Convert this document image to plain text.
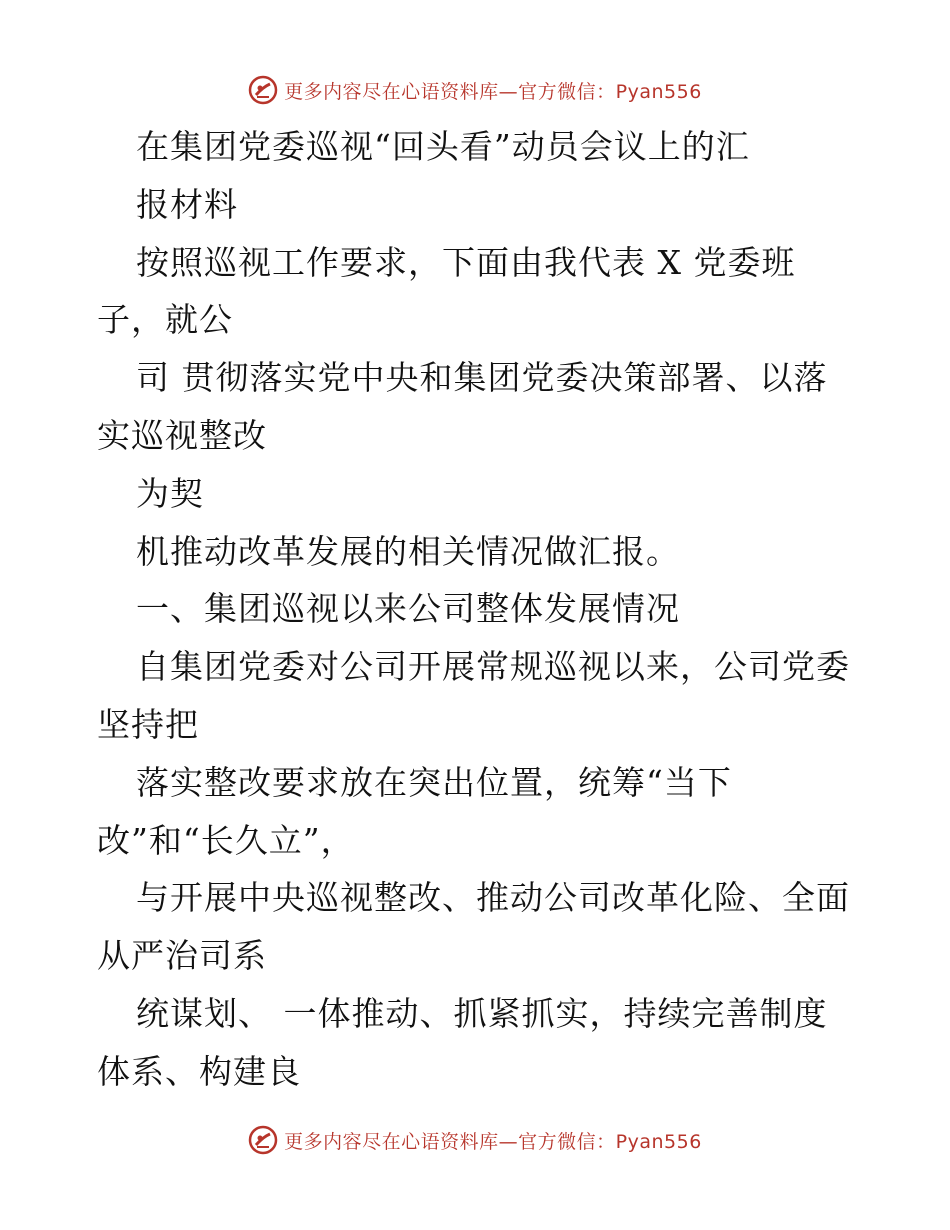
更多内容尽在心语资料库—官方微信：Pyan556
在集团党委巡视“回头看”动员会议上的汇
报材料
按照巡视工作要求，下面由我代表 X 党委班
子，就公
司 贯彻落实党中央和集团党委决策部署、以落
实巡视整改
为契
机推动改革发展的相关情况做汇报。
一、集团巡视以来公司整体发展情况
自集团党委对公司开展常规巡视以来，公司党委
坚持把
落实整改要求放在突出位置，统筹“当下
改”和“长久立”，
与开展中央巡视整改、推动公司改革化险、全面
从严治司系
统谋划、 一体推动、抓紧抓实，持续完善制度
体系、构建良
更多内容尽在心语资料库—官方微信：Pyan556
